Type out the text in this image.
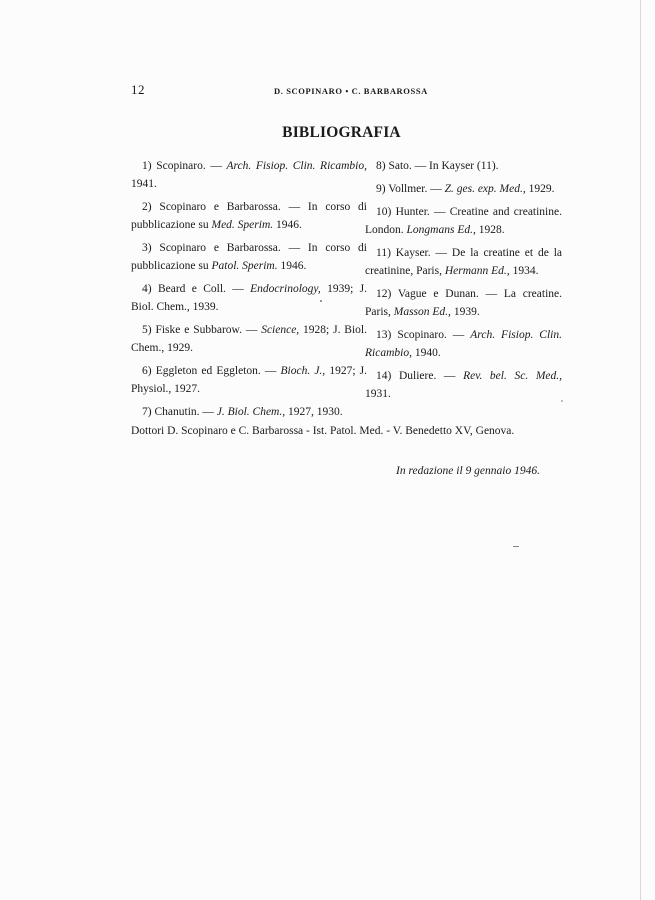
12	D. SCOPINARO • C. BARBAROSSA
BIBLIOGRAFIA

1) Scopinaro. — Arch. Fisiop. Clin. Ricambio, 1941.

2) Scopinaro e Barbarossa. — In corso di pubblicazione su Med. Sperim. 1946.

3) Scopinaro e Barbarossa. — In corso di pubblicazione su Patol. Sperim. 1946.

4) Beard e Coll. — Endocrinology, 1939; J. Biol. Chem., 1939.

5) Fiske e Subbarow. — Science, 1928; J. Biol. Chem., 1929.

6) Eggleton ed Eggleton. — Bioch. J., 1927; J. Physiol., 1927.

7) Chanutin. — J. Biol. Chem., 1927, 1930.

8) Sato. — In Kayser (11).

9) Vollmer. — Z. ges. exp. Med., 1929.

10) Hunter. — Creatine and creatinine. London. Longmans Ed., 1928.

11) Kayser. — De la creatine et de la creatinine, Paris, Hermann Ed., 1934.

12) Vague e Dunan. — La creatine. Paris, Masson Ed., 1939.

13) Scopinaro. — Arch. Fisiop. Clin. Ricambio, 1940.

14) Duliere. — Rev. bel. Sc. Med., 1931.

Dottori D. Scopinaro e C. Barbarossa - Ist. Patol. Med. - V. Benedetto XV, Genova.
In redazione il 9 gennaio 1946.
